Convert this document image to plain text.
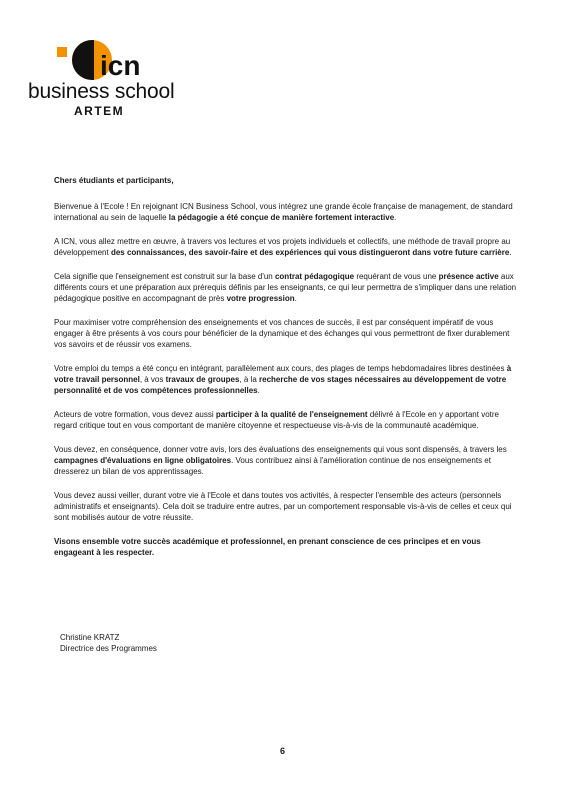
icn
business school
ARTEM

Chers étudiants et participants,

Bienvenue à l'Ecole ! En rejoignant ICN Business School, vous intégrez une grande école française de management, de standard international au sein de laquelle la pédagogie a été conçue de manière fortement interactive.

A ICN, vous allez mettre en œuvre, à travers vos lectures et vos projets individuels et collectifs, une méthode de travail propre au développement des connaissances, des savoir-faire et des expériences qui vous distingueront dans votre future carrière.

Cela signifie que l'enseignement est construit sur la base d'un contrat pédagogique requérant de vous une présence active aux différents cours et une préparation aux prérequis définis par les enseignants, ce qui leur permettra de s'impliquer dans une relation pédagogique positive en accompagnant de près votre progression.

Pour maximiser votre compréhension des enseignements et vos chances de succès, il est par conséquent impératif de vous engager à être présents à vos cours pour bénéficier de la dynamique et des échanges qui vous permettront de fixer durablement vos savoirs et de réussir vos examens.

Votre emploi du temps a été conçu en intégrant, parallèlement aux cours, des plages de temps hebdomadaires libres destinées à votre travail personnel, à vos travaux de groupes, à la recherche de vos stages nécessaires au développement de votre personnalité et de vos compétences professionnelles.

Acteurs de votre formation, vous devez aussi participer à la qualité de l'enseignement délivré à l'Ecole en y apportant votre regard critique tout en vous comportant de manière citoyenne et respectueuse vis-à-vis de la communauté académique.

Vous devez, en conséquence, donner votre avis, lors des évaluations des enseignements qui vous sont dispensés, à travers les campagnes d'évaluations en ligne obligatoires. Vous contribuez ainsi à l'amélioration continue de nos enseignements et dresserez un bilan de vos apprentissages.

Vous devez aussi veiller, durant votre vie à l'Ecole et dans toutes vos activités, à respecter l'ensemble des acteurs (personnels administratifs et enseignants). Cela doit se traduire entre autres, par un comportement responsable vis-à-vis de celles et ceux qui sont mobilisés autour de votre réussite.

Visons ensemble votre succès académique et professionnel, en prenant conscience de ces principes et en vous engageant à les respecter.

Christine KRATZ
Directrice des Programmes
6
